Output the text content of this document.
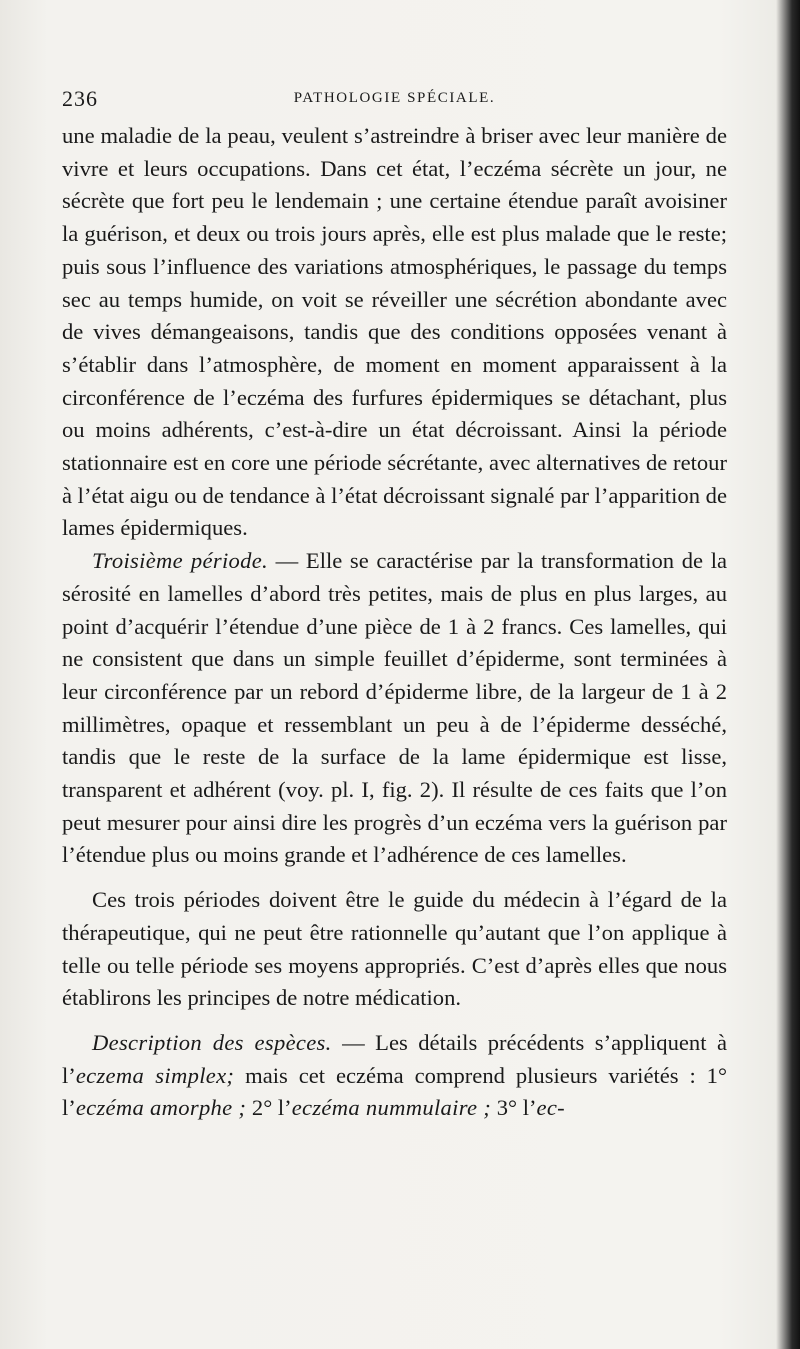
236	PATHOLOGIE SPÉCIALE.

une maladie de la peau, veulent s’astreindre à briser avec leur manière de vivre et leurs occupations. Dans cet état, l’eczéma sécrète un jour, ne sécrète que fort peu le lendemain ; une certaine étendue paraît avoisiner la guérison, et deux ou trois jours après, elle est plus malade que le reste; puis sous l’influence des variations atmosphériques, le passage du temps sec au temps humide, on voit se réveiller une sécrétion abondante avec de vives démangeaisons, tandis que des conditions opposées venant à s’établir dans l’atmosphère, de moment en moment apparaissent à la circonférence de l’eczéma des furfures épidermiques se détachant, plus ou moins adhérents, c’est-à-dire un état décroissant. Ainsi la période stationnaire est en core une période sécrétante, avec alternatives de retour à l’état aigu ou de tendance à l’état décroissant signalé par l’apparition de lames épidermiques.

Troisième période. — Elle se caractérise par la transformation de la sérosité en lamelles d’abord très petites, mais de plus en plus larges, au point d’acquérir l’étendue d’une pièce de 1 à 2 francs. Ces lamelles, qui ne consistent que dans un simple feuillet d’épiderme, sont terminées à leur circonférence par un rebord d’épiderme libre, de la largeur de 1 à 2 millimètres, opaque et ressemblant un peu à de l’épiderme desséché, tandis que le reste de la surface de la lame épidermique est lisse, transparent et adhérent (voy. pl. I, fig. 2). Il résulte de ces faits que l’on peut mesurer pour ainsi dire les progrès d’un eczéma vers la guérison par l’étendue plus ou moins grande et l’adhérence de ces lamelles.

Ces trois périodes doivent être le guide du médecin à l’égard de la thérapeutique, qui ne peut être rationnelle qu’autant que l’on applique à telle ou telle période ses moyens appropriés. C’est d’après elles que nous établirons les principes de notre médication.

Description des espèces. — Les détails précédents s’appliquent à l’eczema simplex; mais cet eczéma comprend plusieurs variétés : 1° l’eczéma amorphe ; 2° l’eczéma nummulaire ; 3° l’ec-
